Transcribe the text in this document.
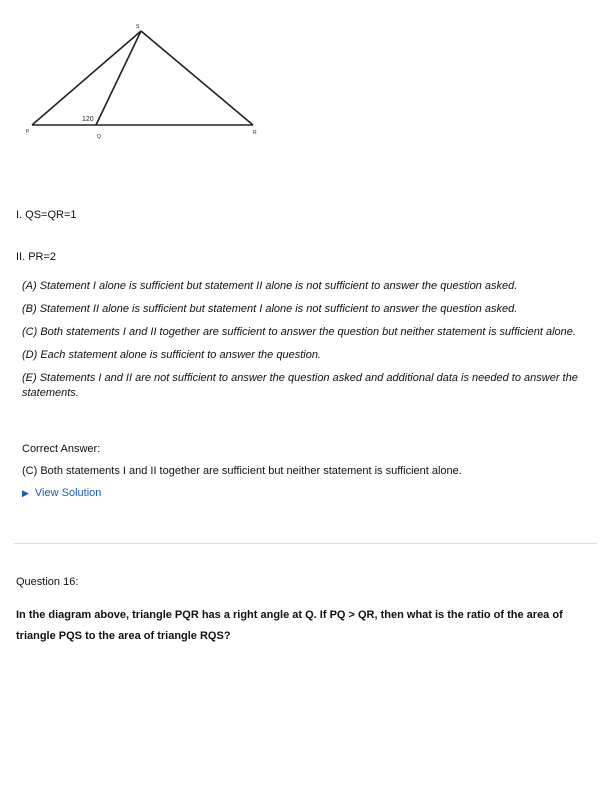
S
P
Q
R
120
I. QS=QR=1
II. PR=2
(A) Statement I alone is sufficient but statement II alone is not sufficient to answer the question asked.
(B) Statement II alone is sufficient but statement I alone is not sufficient to answer the question asked.
(C) Both statements I and II together are sufficient to answer the question but neither statement is sufficient alone.
(D) Each statement alone is sufficient to answer the question.
(E) Statements I and II are not sufficient to answer the question asked and additional data is needed to answer the statements.
Correct Answer:
(C) Both statements I and II together are sufficient but neither statement is sufficient alone.
▶ View Solution
Question 16:
In the diagram above, triangle PQR has a right angle at Q. If PQ > QR, then what is the ratio of the area of triangle PQS to the area of triangle RQS?
